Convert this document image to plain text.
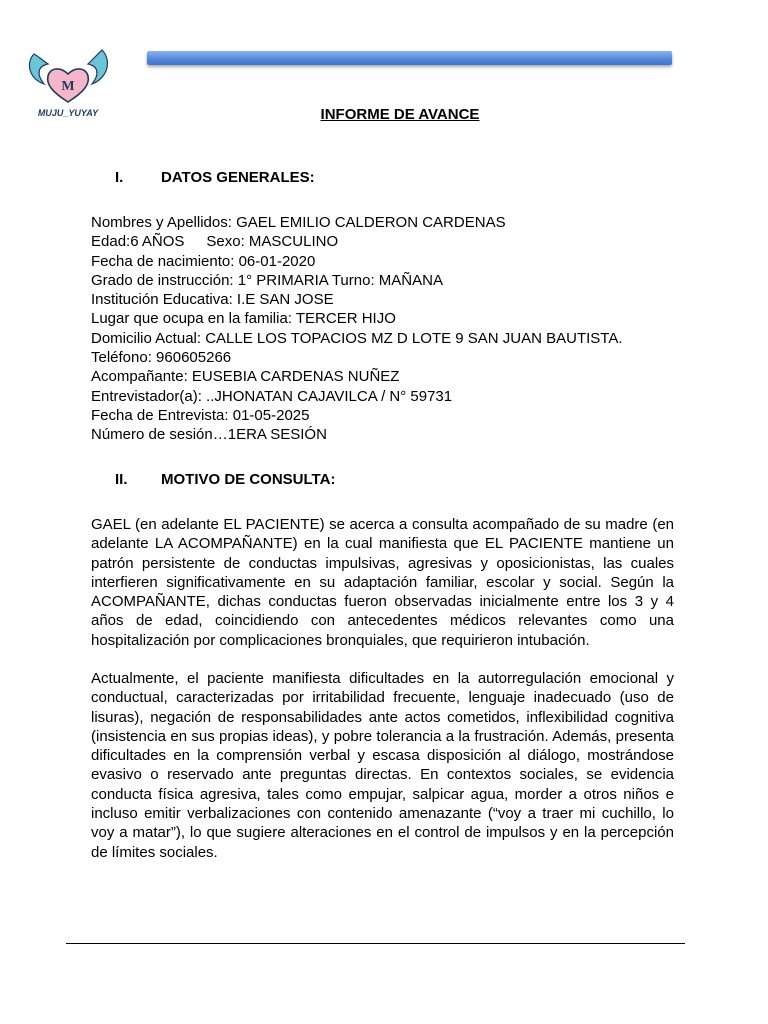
M
MUJU_YUYAY	INFORME DE AVANCE
I.	DATOS GENERALES:
Nombres y Apellidos: GAEL EMILIO CALDERON CARDENAS
Edad:6 AÑOS Sexo: MASCULINO
Fecha de nacimiento: 06-01-2020
Grado de instrucción: 1° PRIMARIA Turno: MAÑANA
Institución Educativa: I.E SAN JOSE
Lugar que ocupa en la familia: TERCER HIJO
Domicilio Actual: CALLE LOS TOPACIOS MZ D LOTE 9 SAN JUAN BAUTISTA.
Teléfono: 960605266
Acompañante: EUSEBIA CARDENAS NUÑEZ
Entrevistador(a): ..JHONATAN CAJAVILCA / N° 59731
Fecha de Entrevista: 01-05-2025
Número de sesión…1ERA SESIÓN
II. MOTIVO DE CONSULTA:

GAEL (en adelante EL PACIENTE) se acerca a consulta acompañado de su madre (en adelante LA ACOMPAÑANTE) en la cual manifiesta que EL PACIENTE mantiene un patrón persistente de conductas impulsivas, agresivas y oposicionistas, las cuales interfieren significativamente en su adaptación familiar, escolar y social. Según la ACOMPAÑANTE, dichas conductas fueron observadas inicialmente entre los 3 y 4 años de edad, coincidiendo con antecedentes médicos relevantes como una hospitalización por complicaciones bronquiales, que requirieron intubación.

Actualmente, el paciente manifiesta dificultades en la autorregulación emocional y conductual, caracterizadas por irritabilidad frecuente, lenguaje inadecuado (uso de lisuras), negación de responsabilidades ante actos cometidos, inflexibilidad cognitiva (insistencia en sus propias ideas), y pobre tolerancia a la frustración. Además, presenta dificultades en la comprensión verbal y escasa disposición al diálogo, mostrándose evasivo o reservado ante preguntas directas. En contextos sociales, se evidencia conducta física agresiva, tales como empujar, salpicar agua, morder a otros niños e incluso emitir verbalizaciones con contenido amenazante (“voy a traer mi cuchillo, lo voy a matar”), lo que sugiere alteraciones en el control de impulsos y en la percepción de límites sociales.
